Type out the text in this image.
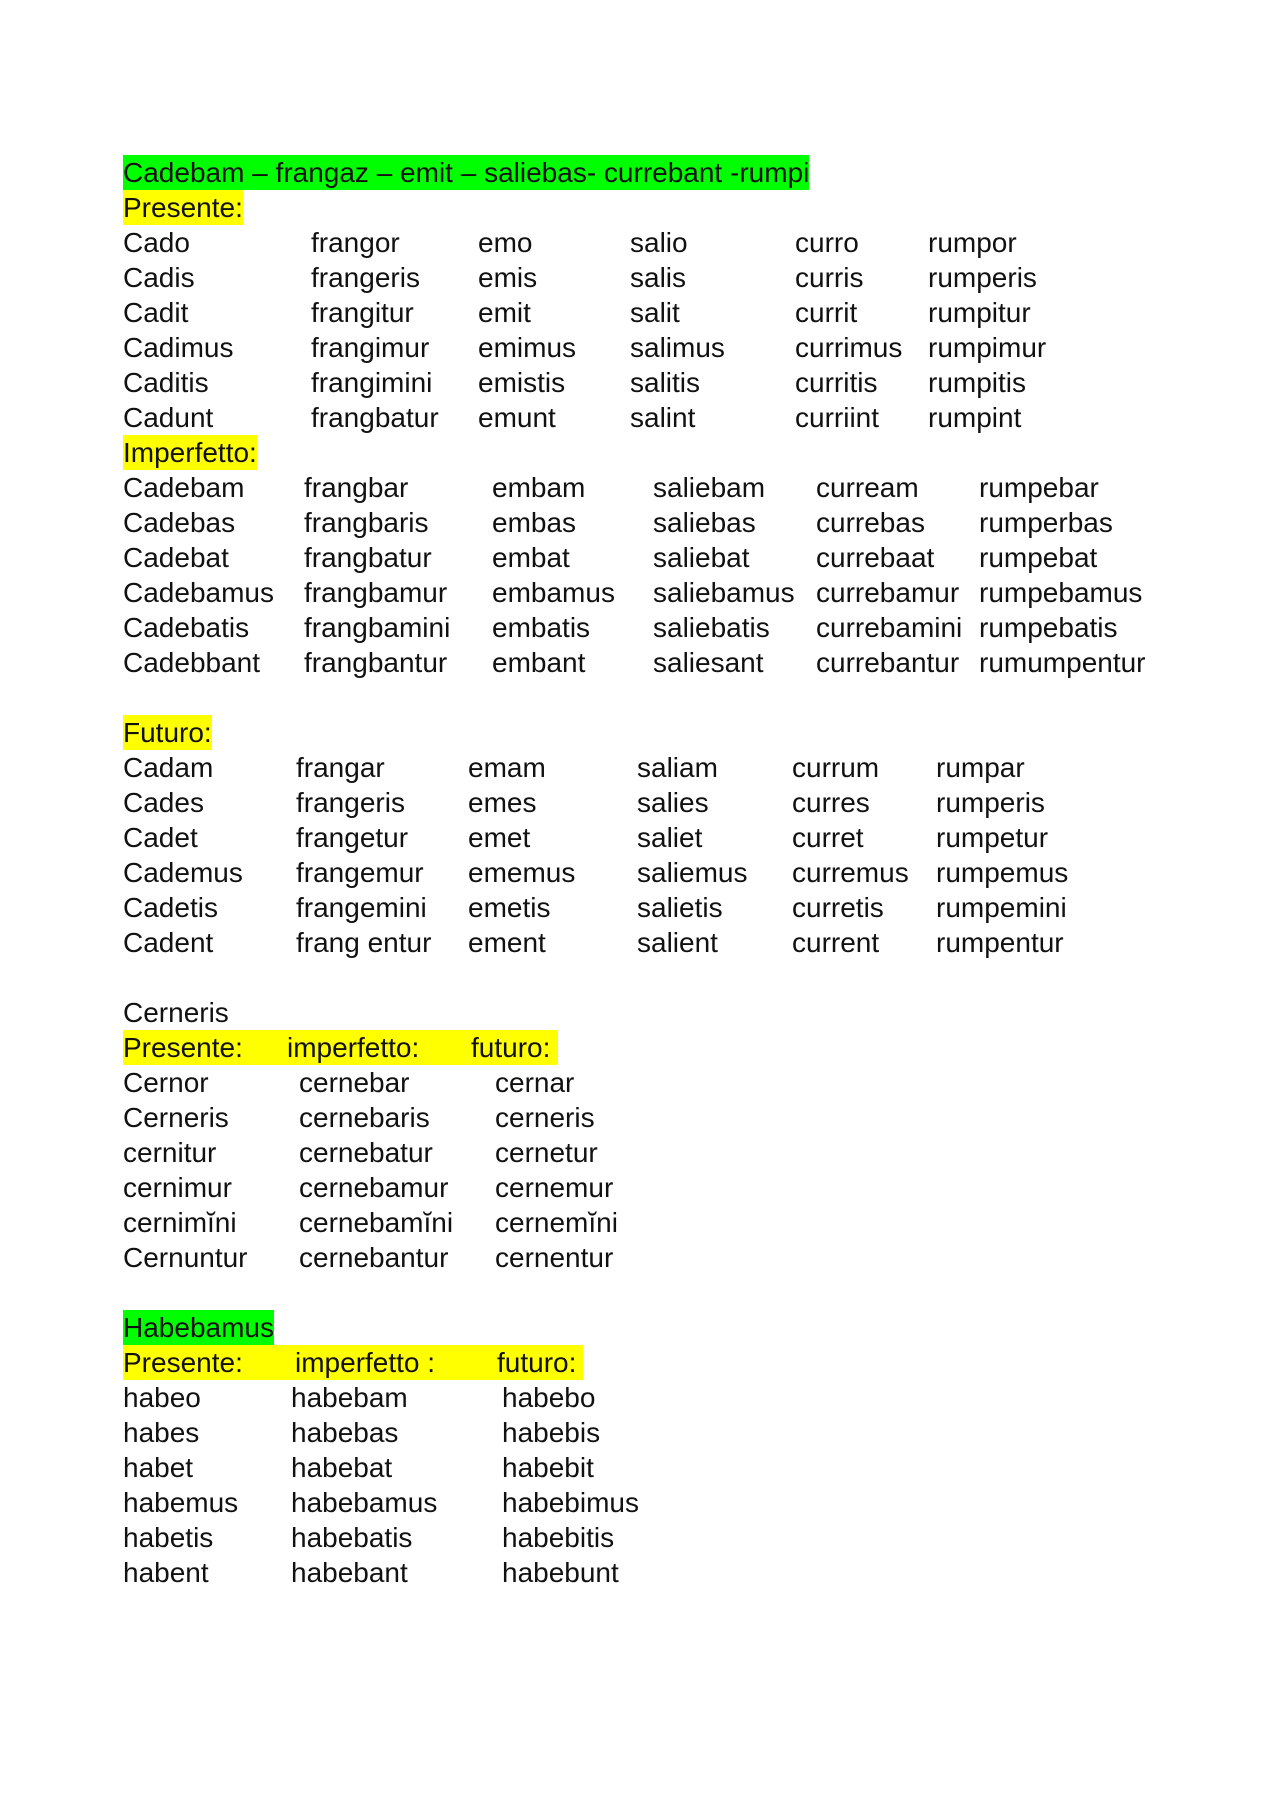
Cadebam – frangaz – emit – saliebas- currebant -rumpi
Presente:
Cado	frangor	emo	salio	curro rumpor
Cadis	frangeris emis	salis	curris rumperis
Cadit	frangitur emit	salit	currit	rumpitur
Cadimus	frangimur emimus salimus	currimus rumpimur
Caditis	frangimini emistis salitis	curritis rumpitis
Cadunt	frangbatur emunt	salint	curriint rumpint
Imperfetto:
Cadebam frangbar	embam saliebam curream rumpebar
Cadebas frangbaris embas	saliebas currebas rumperbas
Cadebat	frangbatur embat	saliebat currebaat rumpebat
Cadebamus frangbamur embamus saliebamus currebamur rumpebamus
Cadebatis frangbamini embatis saliebatis currebamini rumpebatis
Cadebbant frangbantur embant saliesant currebantur rumumpentur
Futuro:
Cadam	frangar	emam	saliam	currum rumpar
Cades	frangeris emes	salies	curres rumperis
Cadet	frangetur emet	saliet	curret	rumpetur
Cademus frangemur ememus saliemus curremus rumpemus
Cadetis	frangemini emetis	salietis curretis rumpemini
Cadent	frang entur ement	salient	current rumpentur
Cerneris
Presente: imperfetto: futuro:
Cernor	cernebar	cernar
Cerneris	cernebaris cerneris
cernitur	cernebatur cernetur
cernimur cernebamur cernemur
cernimĭni cernebamĭni cernemĭni
Cernuntur cernebantur cernentur
Habebamus
Presente: imperfetto : futuro:
habeo	habebam	habebo
habes	habebas	habebis
habet	habebat	habebit
habemus habebamus habebimus
habetis	habebatis	habebitis
habent	habebant	habebunt
